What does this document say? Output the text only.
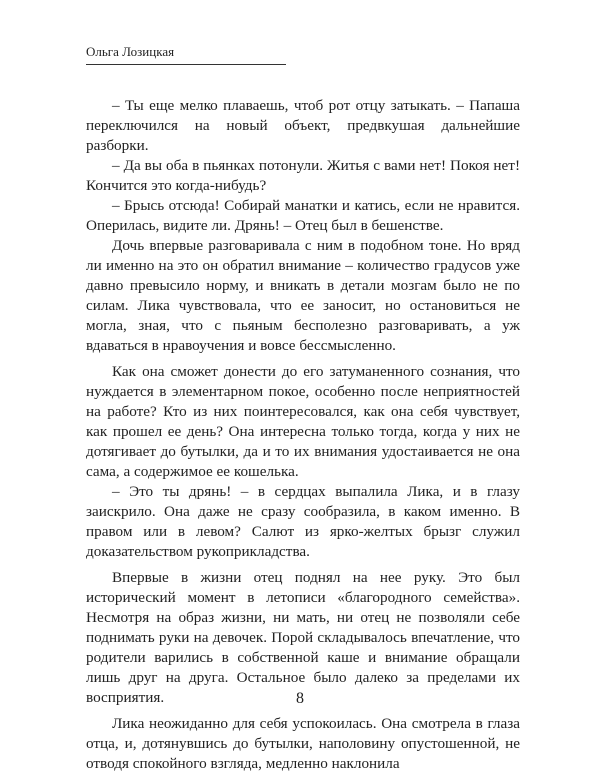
Ольга Лозицкая

– Ты еще мелко плаваешь, чтоб рот отцу затыкать. – Папаша переключился на новый объект, предвкушая дальнейшие разборки.

– Да вы оба в пьянках потонули. Житья с вами нет! Покоя нет! Кончится это когда-нибудь?

– Брысь отсюда! Собирай манатки и катись, если не нравится. Оперилась, видите ли. Дрянь! – Отец был в бешенстве.

Дочь впервые разговаривала с ним в подобном тоне. Но вряд ли именно на это он обратил внимание – количество градусов уже давно превысило норму, и вникать в детали мозгам было не по силам. Лика чувствовала, что ее заносит, но остановиться не могла, зная, что с пьяным бесполезно разговаривать, а уж вдаваться в нравоучения и вовсе бессмысленно.

Как она сможет донести до его затуманенного сознания, что нуждается в элементарном покое, особенно после неприятностей на работе? Кто из них поинтересовался, как она себя чувствует, как прошел ее день? Она интересна только тогда, когда у них не дотягивает до бутылки, да и то их внимания удостаивается не она сама, а содержимое ее кошелька.

– Это ты дрянь! – в сердцах выпалила Лика, и в глазу заискрило. Она даже не сразу сообразила, в каком именно. В правом или в левом? Салют из ярко-желтых брызг служил доказательством рукоприкладства.

Впервые в жизни отец поднял на нее руку. Это был исторический момент в летописи «благородного семейства». Несмотря на образ жизни, ни мать, ни отец не позволяли себе поднимать руки на девочек. Порой складывалось впечатление, что родители варились в собственной каше и внимание обращали лишь друг на друга. Остальное было далеко за пределами их восприятия.

Лика неожиданно для себя успокоилась. Она смотрела в глаза отца, и, дотянувшись до бутылки, наполовину опустошенной, не отводя спокойного взгляда, медленно наклонила

8
